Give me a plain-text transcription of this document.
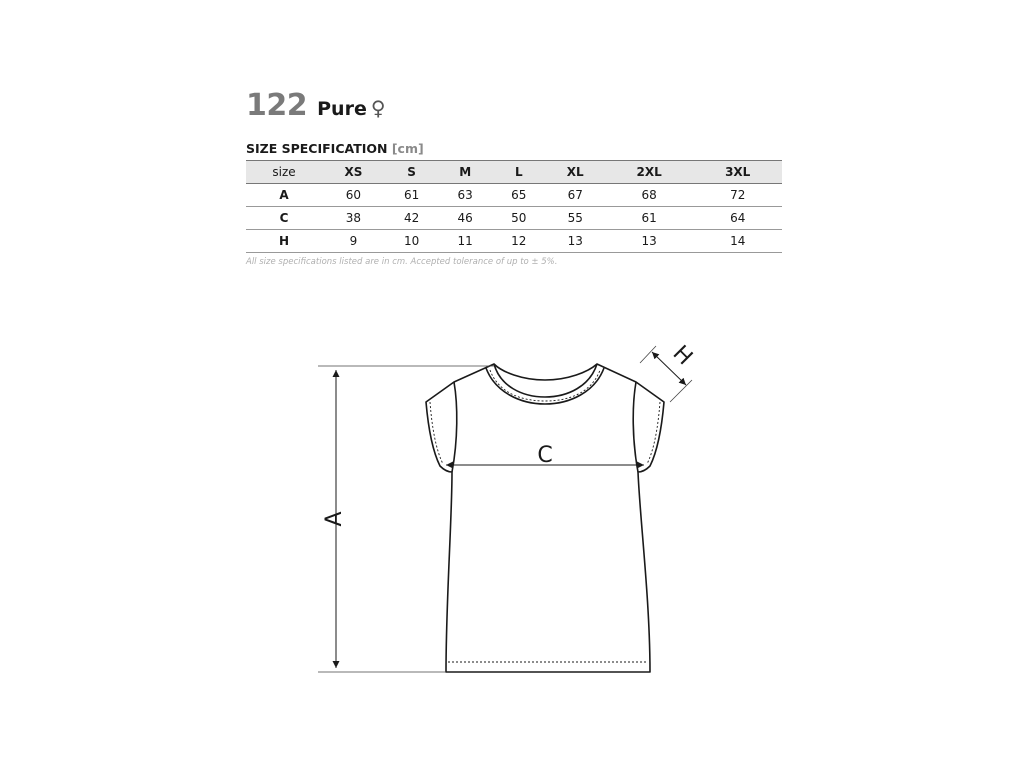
122 Pure ♀
SIZE SPECIFICATION [cm]
size	XS	S	M	L	XL	2XL	3XL
A	60	61	63	65	67	68	72
C	38	42	46	50	55	61	64
H	9	10	11	12	13	13	14
All size specifications listed are in cm. Accepted tolerance of up to ± 5%.
A
C
H
